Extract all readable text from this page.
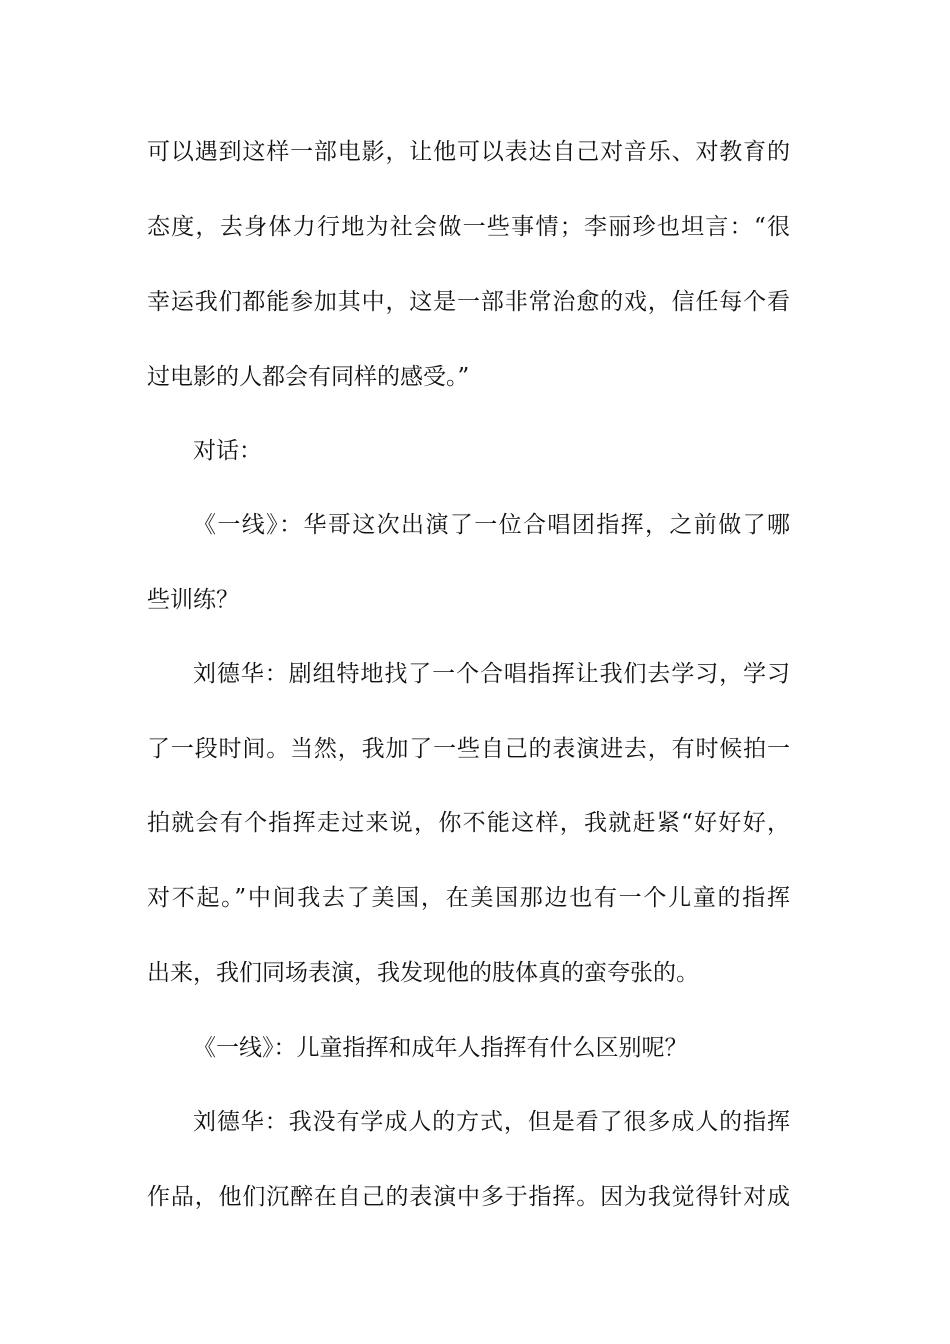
可以遇到这样一部电影，让他可以表达自己对音乐、对教育的
态度，去身体力行地为社会做一些事情；李丽珍也坦言：“很
幸运我们都能参加其中，这是一部非常治愈的戏，信任每个看
过电影的人都会有同样的感受。”
对话：
《一线》：华哥这次出演了一位合唱团指挥，之前做了哪
些训练？
刘德华：剧组特地找了一个合唱指挥让我们去学习，学习
了一段时间。当然，我加了一些自己的表演进去，有时候拍一
拍就会有个指挥走过来说，你不能这样，我就赶紧“好好好，
对不起。”中间我去了美国，在美国那边也有一个儿童的指挥
出来，我们同场表演，我发现他的肢体真的蛮夸张的。
《一线》：儿童指挥和成年人指挥有什么区别呢？
刘德华：我没有学成人的方式，但是看了很多成人的指挥
作品，他们沉醉在自己的表演中多于指挥。因为我觉得针对成
